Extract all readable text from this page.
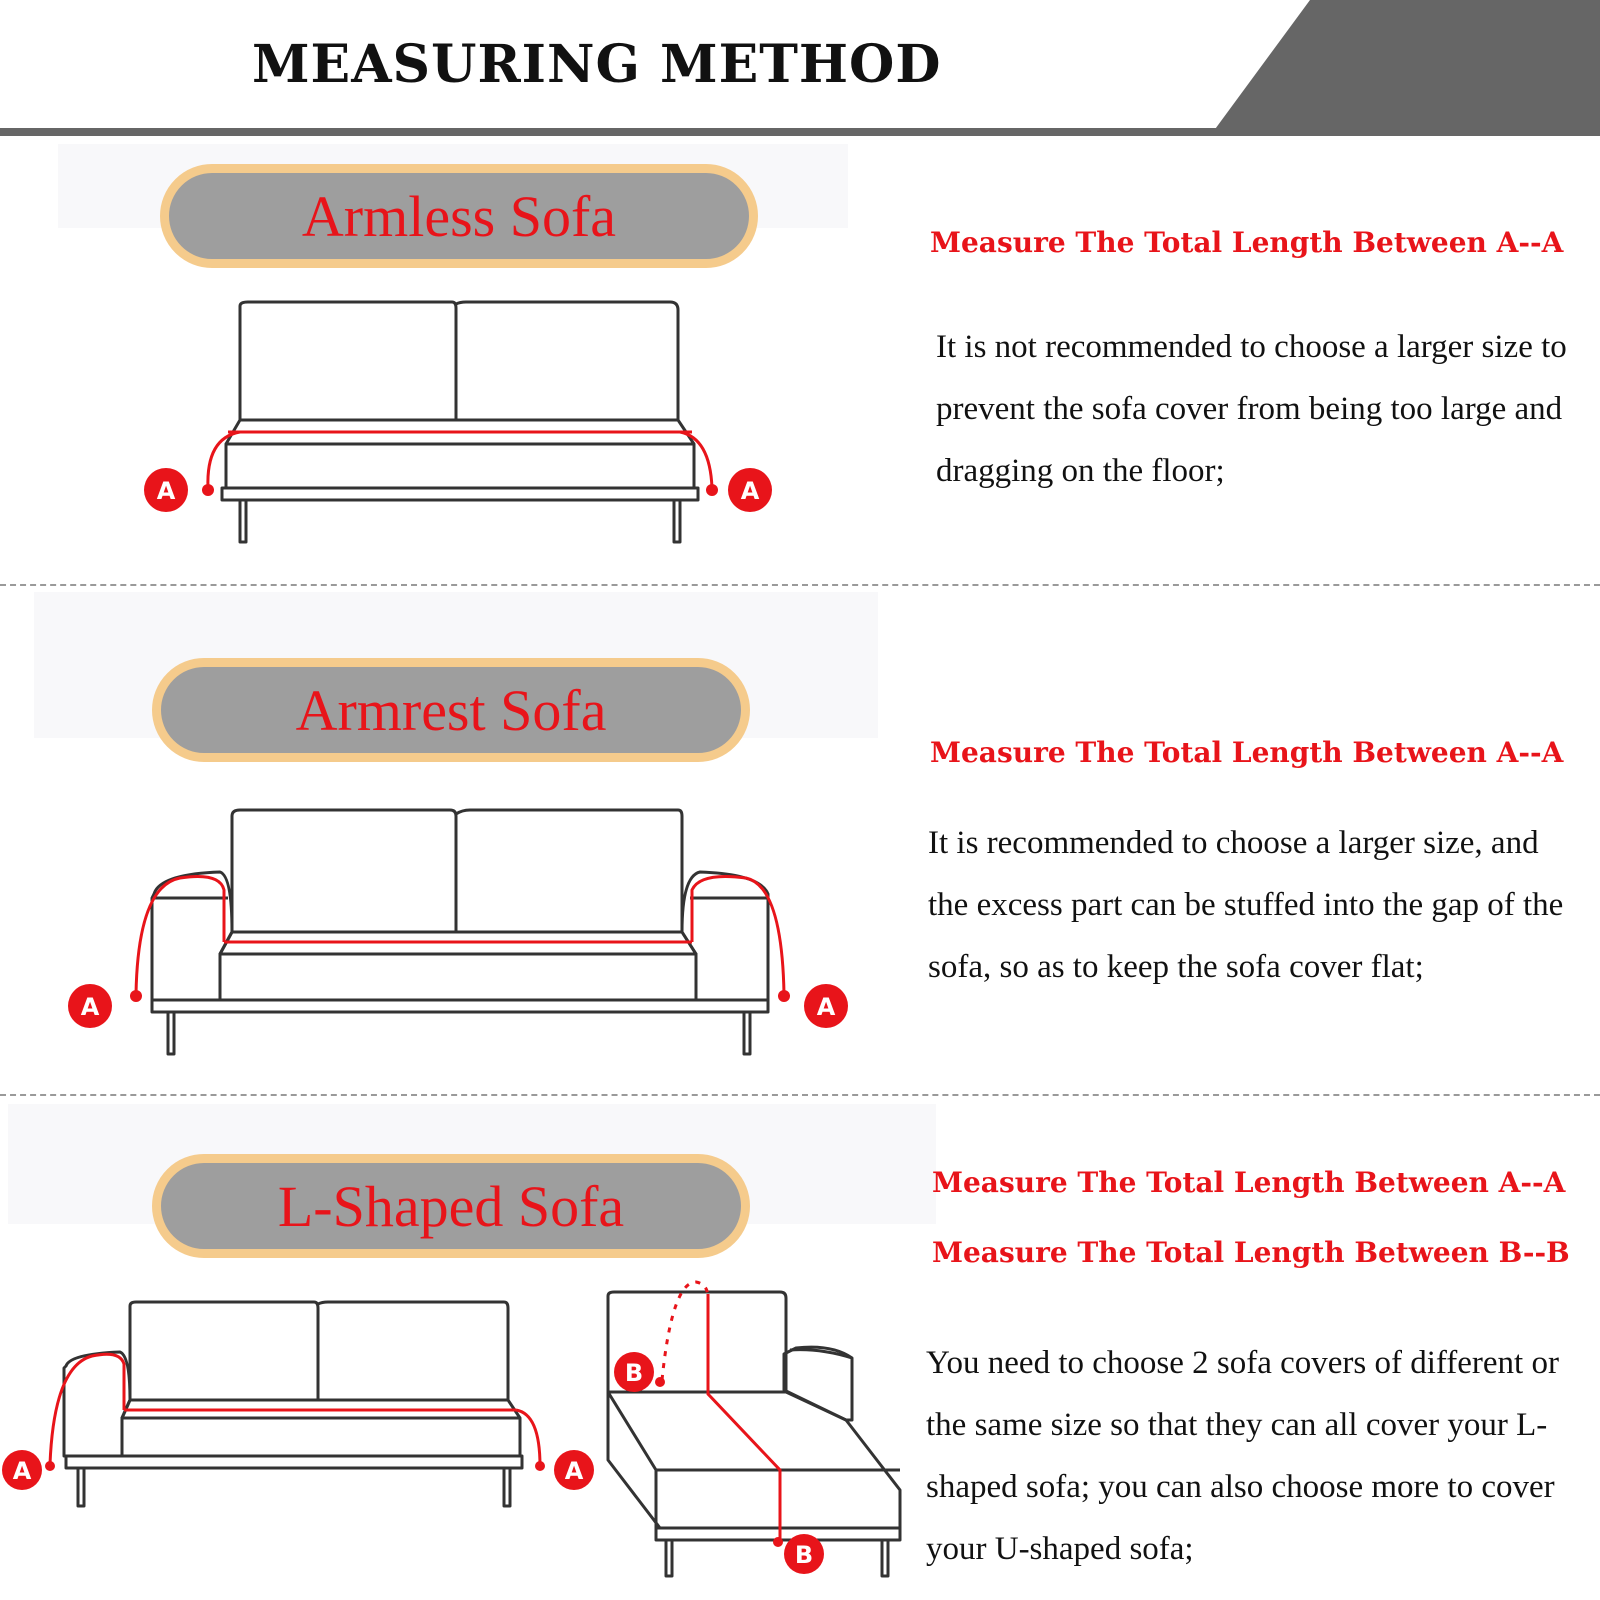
MEASURING METHOD
Armless Sofa
A	A
Measure The Total Length Between A--A
It is not recommended to choose a larger size to prevent the sofa cover from being too large and dragging on the floor;
Armrest Sofa
A	A
Measure The Total Length Between A--A
It is recommended to choose a larger size, and the excess part can be stuffed into the gap of the sofa, so as to keep the sofa cover flat;
L-Shaped Sofa
A	A
B
B
Measure The Total Length Between A--A
Measure The Total Length Between B--B
You need to choose 2 sofa covers of different or the same size so that they can all cover your L-shaped sofa; you can also choose more to cover your U-shaped sofa;
